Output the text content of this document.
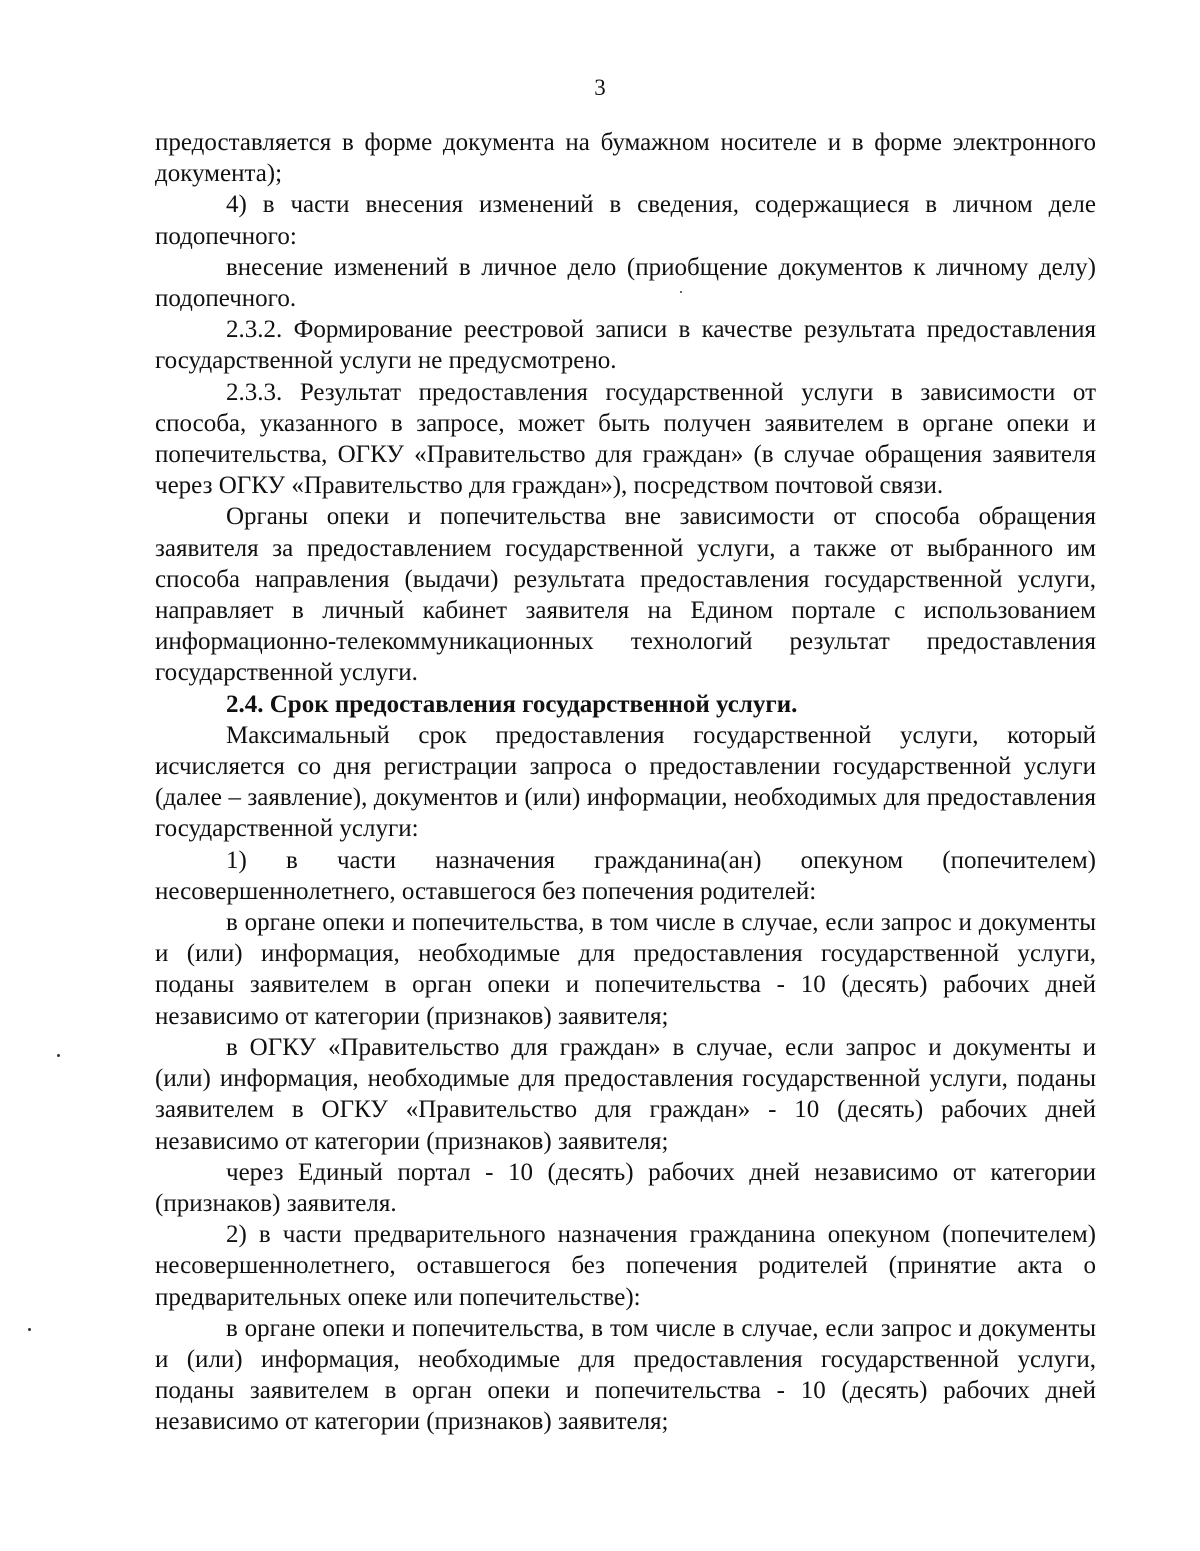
3

предоставляется в форме документа на бумажном носителе и в форме электронного документа);

4) в части внесения изменений в сведения, содержащиеся в личном деле подопечного:

внесение изменений в личное дело (приобщение документов к личному делу) подопечного.

2.3.2. Формирование реестровой записи в качестве результата предоставления государственной услуги не предусмотрено.

2.3.3. Результат предоставления государственной услуги в зависимости от способа, указанного в запросе, может быть получен заявителем в органе опеки и попечительства, ОГКУ «Правительство для граждан» (в случае обращения заявителя через ОГКУ «Правительство для граждан»), посредством почтовой связи.

Органы опеки и попечительства вне зависимости от способа обращения заявителя за предоставлением государственной услуги, а также от выбранного им способа направления (выдачи) результата предоставления государственной услуги, направляет в личный кабинет заявителя на Едином портале с использованием информационно-телекоммуникационных технологий результат предоставления государственной услуги.

2.4. Срок предоставления государственной услуги.

Максимальный срок предоставления государственной услуги, который исчисляется со дня регистрации запроса о предоставлении государственной услуги (далее – заявление), документов и (или) информации, необходимых для предоставления государственной услуги:

1) в части назначения гражданина(ан) опекуном (попечителем) несовершеннолетнего, оставшегося без попечения родителей:

в органе опеки и попечительства, в том числе в случае, если запрос и документы и (или) информация, необходимые для предоставления государственной услуги, поданы заявителем в орган опеки и попечительства - 10 (десять) рабочих дней независимо от категории (признаков) заявителя;

в ОГКУ «Правительство для граждан» в случае, если запрос и документы и (или) информация, необходимые для предоставления государственной услуги, поданы заявителем в ОГКУ «Правительство для граждан» - 10 (десять) рабочих дней независимо от категории (признаков) заявителя;

через Единый портал - 10 (десять) рабочих дней независимо от категории (признаков) заявителя.

2) в части предварительного назначения гражданина опекуном (попечителем) несовершеннолетнего, оставшегося без попечения родителей (принятие акта о предварительных опеке или попечительстве):

в органе опеки и попечительства, в том числе в случае, если запрос и документы и (или) информация, необходимые для предоставления государственной услуги, поданы заявителем в орган опеки и попечительства - 10 (десять) рабочих дней независимо от категории (признаков) заявителя;
